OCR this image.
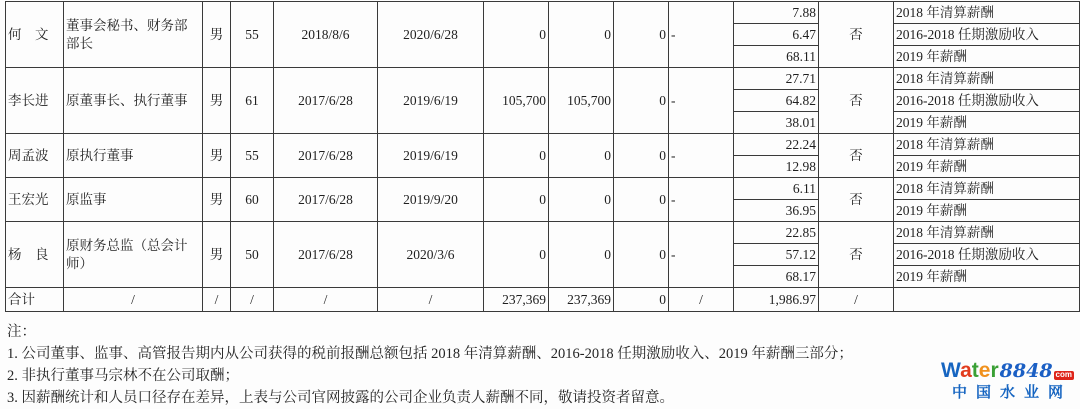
何　文	董事会秘书、财务部部长	男	55	2018/8/6	2020/6/28	0	0	0	-	7.88	否	2018 年清算薪酬
										6.47		2016-2018 任期激励收入
										68.11		2019 年薪酬
李长进	原董事长、执行董事	男	61	2017/6/28	2019/6/19	105,700	105,700	0	-	27.71	否	2018 年清算薪酬
										64.82		2016-2018 任期激励收入
										38.01		2019 年薪酬
周孟波	原执行董事	男	55	2017/6/28	2019/6/19	0	0	0	-	22.24	否	2018 年清算薪酬
										12.98		2019 年薪酬
王宏光	原监事	男	60	2017/6/28	2019/9/20	0	0	0	-	6.11	否	2018 年清算薪酬
										36.95		2019 年薪酬
杨　良	原财务总监（总会计师）	男	50	2017/6/28	2020/3/6	0	0	0	-	22.85	否	2018 年清算薪酬
										57.12		2016-2018 任期激励收入
										68.17		2019 年薪酬
合计	/	/	/	/	/	237,369	237,369	0	/	1,986.97	/	
注：
1. 公司董事、监事、高管报告期内从公司获得的税前报酬总额包括 2018 年清算薪酬、2016-2018 任期激励收入、2019 年薪酬三部分；
2. 非执行董事马宗林不在公司取酬；
3. 因薪酬统计和人员口径存在差异，上表与公司官网披露的公司企业负责人薪酬不同，敬请投资者留意。
Water8848 com
中国水业网
